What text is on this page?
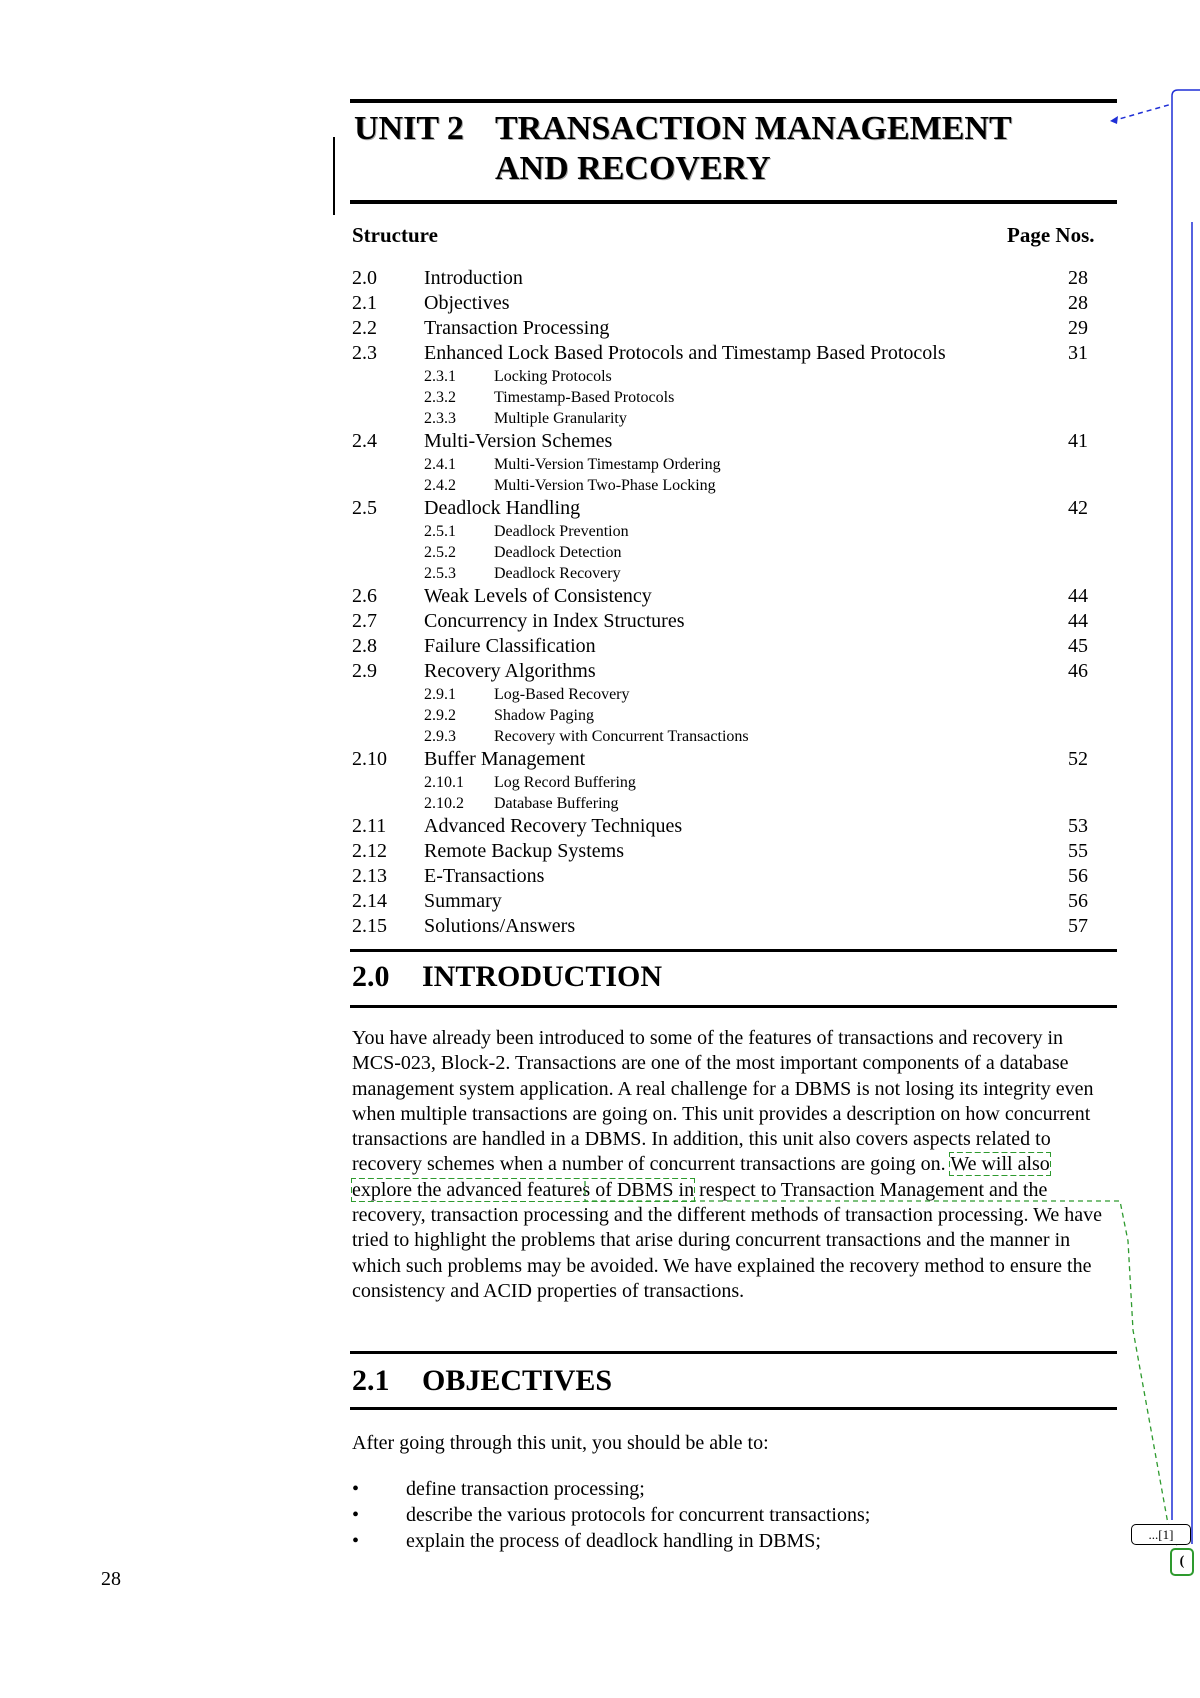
UNIT 2 TRANSACTION MANAGEMENT
AND RECOVERY
Structure	Page Nos.
2.0 Introduction	28
2.1 Objectives	28
2.2 Transaction Processing	29
2.3 Enhanced Lock Based Protocols and Timestamp Based Protocols	31
2.3.1 Locking Protocols
2.3.2 Timestamp-Based Protocols
2.3.3 Multiple Granularity
2.4 Multi-Version Schemes	41
2.4.1 Multi-Version Timestamp Ordering
2.4.2 Multi-Version Two-Phase Locking
2.5 Deadlock Handling	42
2.5.1 Deadlock Prevention
2.5.2 Deadlock Detection
2.5.3 Deadlock Recovery
2.6 Weak Levels of Consistency	44
2.7 Concurrency in Index Structures	44
2.8 Failure Classification	45
2.9 Recovery Algorithms	46
2.9.1 Log-Based Recovery
2.9.2 Shadow Paging
2.9.3 Recovery with Concurrent Transactions
2.10 Buffer Management	52
2.10.1 Log Record Buffering
2.10.2 Database Buffering
2.11 Advanced Recovery Techniques	53
2.12 Remote Backup Systems	55
2.13 E-Transactions	56
2.14 Summary	56
2.15 Solutions/Answers	57
2.0 INTRODUCTION

You have already been introduced to some of the features of transactions and recovery in MCS-023, Block-2. Transactions are one of the most important components of a database management system application. A real challenge for a DBMS is not losing its integrity even when multiple transactions are going on. This unit provides a description on how concurrent transactions are handled in a DBMS. In addition, this unit also covers aspects related to recovery schemes when a number of concurrent transactions are going on. We will also explore the advanced features of DBMS in respect to Transaction Management and the recovery, transaction processing and the different methods of transaction processing. We have tried to highlight the problems that arise during concurrent transactions and the manner in which such problems may be avoided. We have explained the recovery method to ensure the consistency and ACID properties of transactions.

2.1 OBJECTIVES
After going through this unit, you should be able to:
• define transaction processing;
• describe the various protocols for concurrent transactions;
• explain the process of deadlock handling in DBMS;
28
...[1]
(
